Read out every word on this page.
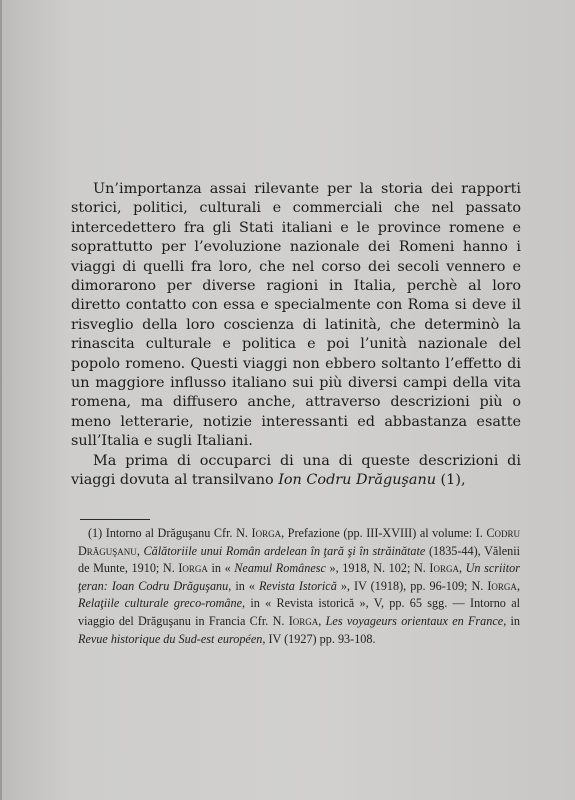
Un’importanza assai rilevante per la storia dei rapporti storici, politici, culturali e commerciali che nel passato intercedettero fra gli Stati italiani e le province romene e soprattutto per l’evoluzione nazionale dei Romeni hanno i viaggi di quelli fra loro, che nel corso dei secoli vennero e dimorarono per diverse ragioni in Italia, perchè al loro diretto contatto con essa e specialmente con Roma si deve il risveglio della loro coscienza di latinità, che determinò la rinascita culturale e politica e poi l’unità nazionale del popolo romeno. Questi viaggi non ebbero soltanto l’effetto di un maggiore influsso italiano sui più diversi campi della vita romena, ma diffusero anche, attraverso descrizioni più o meno letterarie, notizie interessanti ed abbastanza esatte sull’Italia e sugli Italiani.

Ma prima di occuparci di una di queste descrizioni di viaggi dovuta al transilvano Ion Codru Drăguşanu (1),

(1) Intorno al Drăguşanu Cfr. N. Iorga, Prefazione (pp. III-XVIII) al volume: I. Codru Drăguşanu, Călătoriile unui Român ardelean în ţară şi în străinătate (1835-44), Vălenii de Munte, 1910; N. Iorga in « Neamul Românesc », 1918, N. 102; N. Iorga, Un scriitor ţeran: Ioan Codru Drăguşanu, in « Revista Istorică », IV (1918), pp. 96-109; N. Iorga, Relaţiile culturale greco-române, in « Revista istorică », V, pp. 65 sgg. — Intorno al viaggio del Drăguşanu in Francia Cfr. N. Iorga, Les voyageurs orientaux en France, in Revue historique du Sud-est européen, IV (1927) pp. 93-108.
